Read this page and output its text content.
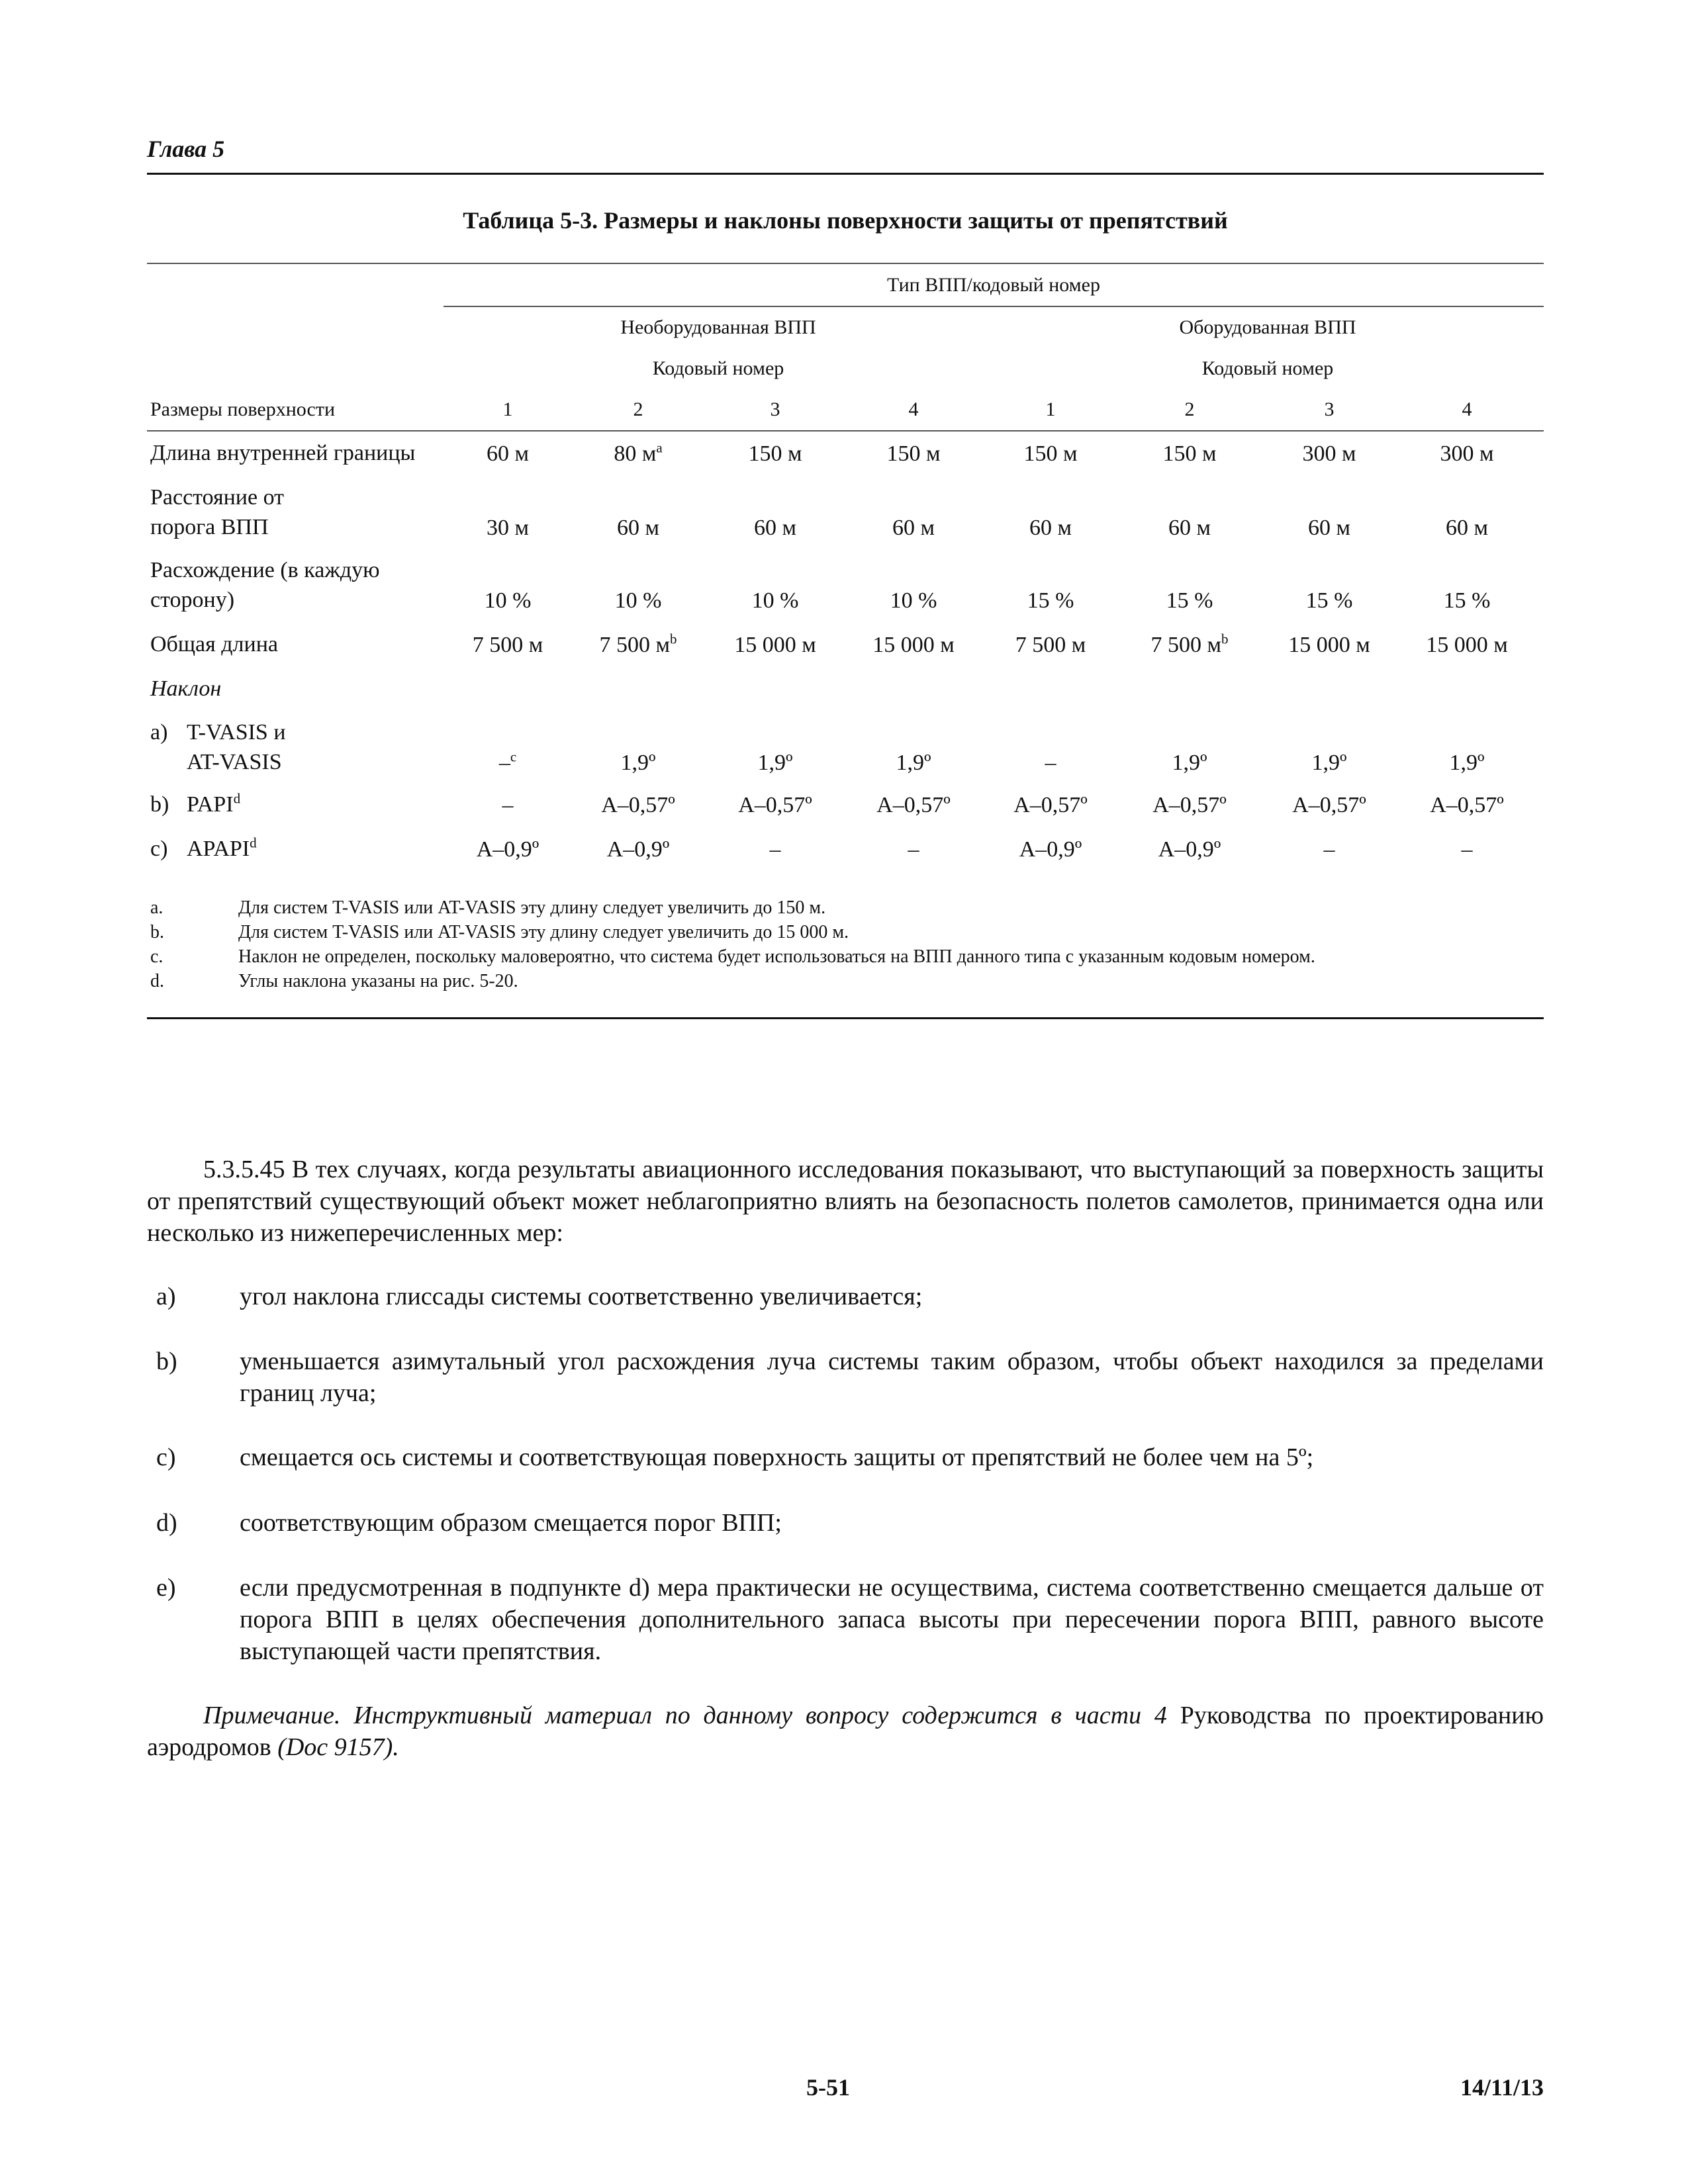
Глава 5
Таблица 5-3. Размеры и наклоны поверхности защиты от препятствий
Тип ВПП/кодовый номер
Необорудованная ВПП	Оборудованная ВПП
Кодовый номер	Кодовый номер
Размеры поверхности	1	2	3	4	1	2	3	4
Длина внутренней границы	60 м	80 $м^a$	150 м	150 м	150 м	150 м	300 м	300 м
Расстояние от
порога ВПП	30 м	60 м	60 м	60 м	60 м	60 м	60 м	60 м
Расхождение (в каждую
сторону)	10 %	10 %	10 %	10 %	15 %	15 %	15 %	15 %
Общая длина	7 500 м	7 500 $м^b$	15 000 м	15 000 м	7 500 м	7 500 $м^b$	15 000 м	15 000 м
Наклон
a) T-VASIS и
AT-VASIS	–$^c$	1,9º	1,9º	1,9º	–	1,9º	1,9º	1,9º
b) PAPI$^d$	–	A–0,57º	A–0,57º	A–0,57º	A–0,57º	A–0,57º	A–0,57º	A–0,57º
c) APAPI$^d$	A–0,9º	A–0,9º	–	–	A–0,9º	A–0,9º	–	–
a.	Для систем T-VASIS или AT-VASIS эту длину следует увеличить до 150 м.
b.	Для систем T-VASIS или AT-VASIS эту длину следует увеличить до 15 000 м.
c.	Наклон не определен, поскольку маловероятно, что система будет использоваться на ВПП данного типа с указанным кодовым номером.
d.	Углы наклона указаны на рис. 5-20.
5.3.5.45 В тех случаях, когда результаты авиационного исследования показывают, что выступающий за поверхность защиты от препятствий существующий объект может неблагоприятно влиять на безопасность полетов самолетов, принимается одна или несколько из нижеперечисленных мер:
a)	угол наклона глиссады системы соответственно увеличивается;
b) уменьшается азимутальный угол расхождения луча системы таким образом, чтобы объект находился за пределами границ луча;
c)	смещается ось системы и соответствующая поверхность защиты от препятствий не более чем на 5º;
d) соответствующим образом смещается порог ВПП;
e)	если предусмотренная в подпункте d) мера практически не осуществима, система соответственно смещается дальше от порога ВПП в целях обеспечения дополнительного запаса высоты при пересечении порога ВПП, равного высоте выступающей части препятствия.
Примечание. Инструктивный материал по данному вопросу содержится в части 4 Руководства по проектированию аэродромов (Doc 9157).
5-51	14/11/13
